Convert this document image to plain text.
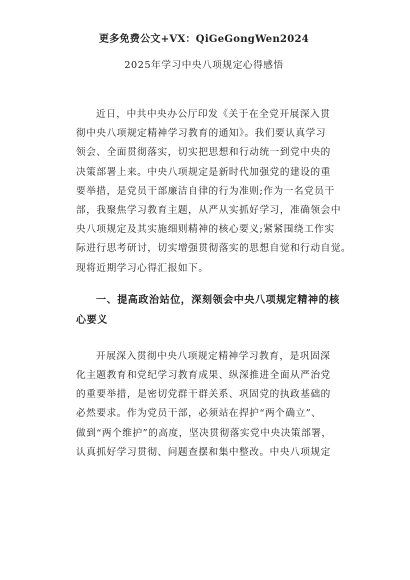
更多免费公文+VX：QiGeGongWen2024
2025年学习中央八项规定心得感悟
近日，中共中央办公厅印发《关于在全党开展深入贯
彻中央八项规定精神学习教育的通知》。我们要认真学习
领会、全面贯彻落实，切实把思想和行动统一到党中央的
决策部署上来。中央八项规定是新时代加强党的建设的重
要举措，是党员干部廉洁自律的行为准则;作为一名党员干
部，我聚焦学习教育主题，从严从实抓好学习，准确领会中
央八项规定及其实施细则精神的核心要义;紧紧围绕工作实
际进行思考研讨，切实增强贯彻落实的思想自觉和行动自觉。
现将近期学习心得汇报如下。
一、提高政治站位，深刻领会中央八项规定精神的核
心要义
开展深入贯彻中央八项规定精神学习教育，是巩固深
化主题教育和党纪学习教育成果、纵深推进全面从严治党
的重要举措，是密切党群干群关系、巩固党的执政基础的
必然要求。作为党员干部，必须站在捍护“两个确立”、
做到“两个维护”的高度，坚决贯彻落实党中央决策部署，
认真抓好学习贯彻、问题查摆和集中整改。中央八项规定
